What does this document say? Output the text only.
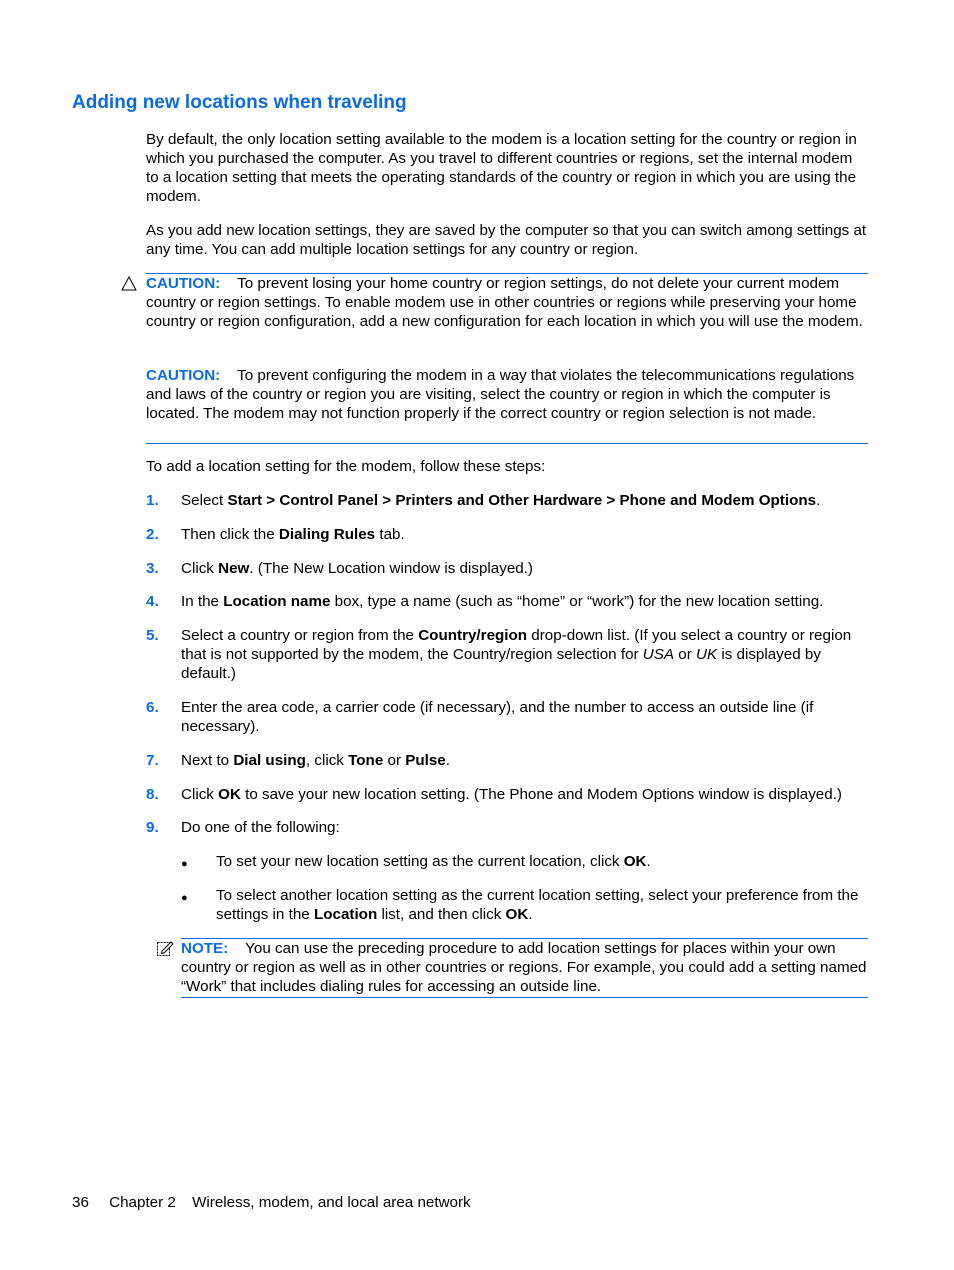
Adding new locations when traveling

By default, the only location setting available to the modem is a location setting for the country or region in which you purchased the computer. As you travel to different countries or regions, set the internal modem to a location setting that meets the operating standards of the country or region in which you are using the modem.

As you add new location settings, they are saved by the computer so that you can switch among settings at any time. You can add multiple location settings for any country or region.

CAUTION: To prevent losing your home country or region settings, do not delete your current modem country or region settings. To enable modem use in other countries or regions while preserving your home country or region configuration, add a new configuration for each location in which you will use the modem.

CAUTION: To prevent configuring the modem in a way that violates the telecommunications regulations and laws of the country or region you are visiting, select the country or region in which the computer is located. The modem may not function properly if the correct country or region selection is not made.

To add a location setting for the modem, follow these steps:

1. Select Start > Control Panel > Printers and Other Hardware > Phone and Modem Options.
2. Then click the Dialing Rules tab.
3. Click New. (The New Location window is displayed.)
4. In the Location name box, type a name (such as “home” or “work”) for the new location setting.
5. Select a country or region from the Country/region drop-down list. (If you select a country or region that is not supported by the modem, the Country/region selection for USA or UK is displayed by default.)
6. Enter the area code, a carrier code (if necessary), and the number to access an outside line (if necessary).
7. Next to Dial using, click Tone or Pulse.
8. Click OK to save your new location setting. (The Phone and Modem Options window is displayed.)
9. Do one of the following:
● To set your new location setting as the current location, click OK.
● To select another location setting as the current location setting, select your preference from the settings in the Location list, and then click OK.

NOTE: You can use the preceding procedure to add location settings for places within your own country or region as well as in other countries or regions. For example, you could add a setting named “Work” that includes dialing rules for accessing an outside line.

36 Chapter 2 Wireless, modem, and local area network
